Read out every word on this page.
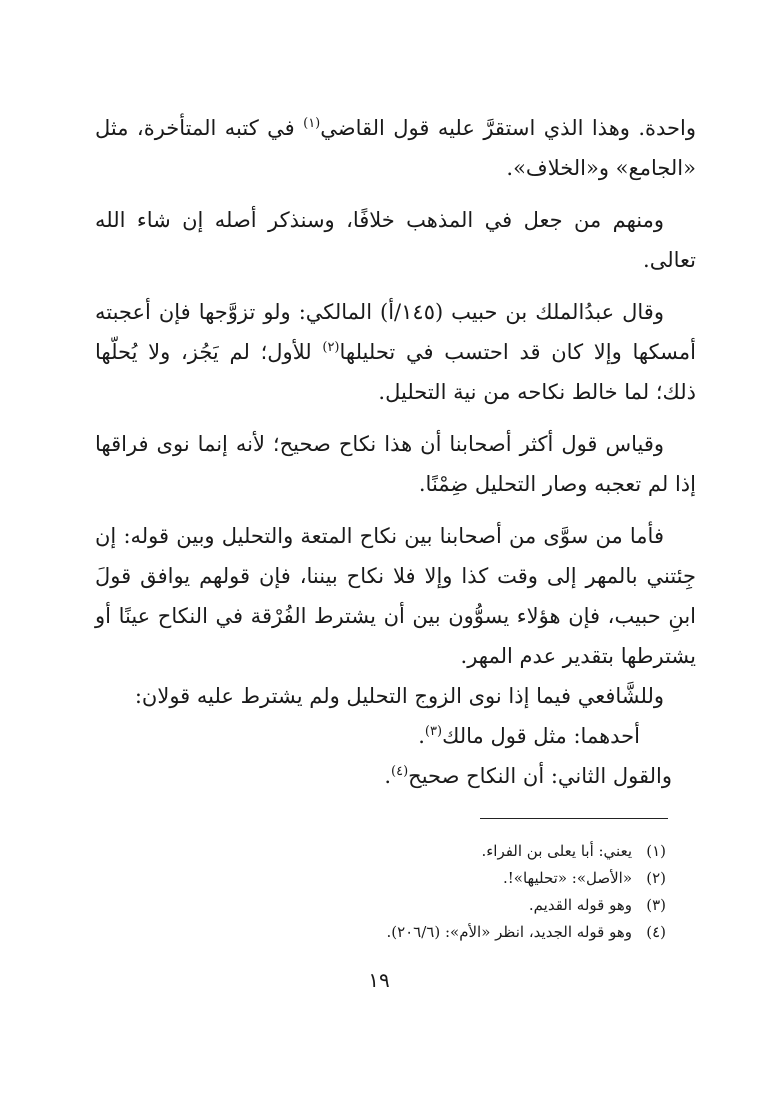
واحدة. وهذا الذي استقرَّ عليه قول القاضي$^{(١)}$ في كتبه المتأخرة، مثل «الجامع» و«الخلاف».

ومنهم من جعل في المذهب خلافًا، وسنذكر أصله إن شاء الله تعالى.

وقال عبدُالملك بن حبيب (١٤٥/أ) المالكي: ولو تزوَّجها فإن أعجبته أمسكها وإلا كان قد احتسب في تحليلها$^{(٢)}$ للأول؛ لم يَجُز، ولا يُحلّها ذلك؛ لما خالط نكاحه من نية التحليل.

وقياس قول أكثر أصحابنا أن هذا نكاح صحيح؛ لأنه إنما نوى فراقها إذا لم تعجبه وصار التحليل ضِمْنًا.

فأما من سوَّى من أصحابنا بين نكاح المتعة والتحليل وبين قوله: إن جِئتني بالمهر إلى وقت كذا وإلا فلا نكاح بيننا، فإن قولهم يوافق قولَ ابنِ حبيب، فإن هؤلاء يسوُّون بين أن يشترط الفُرْقة في النكاح عينًا أو يشترطها بتقدير عدم المهر.

وللشَّافعي فيما إذا نوى الزوج التحليل ولم يشترط عليه قولان:

أحدهما: مثل قول مالك$^{(٣)}$.

والقول الثاني: أن النكاح صحيح$^{(٤)}$.

(١)يعني: أبا يعلى بن الفراء.

(٢)«الأصل»: «تحليها»!.

(٣)وهو قوله القديم.

(٤)وهو قوله الجديد، انظر «الأم»: (٢٠٦/٦).

١٩
